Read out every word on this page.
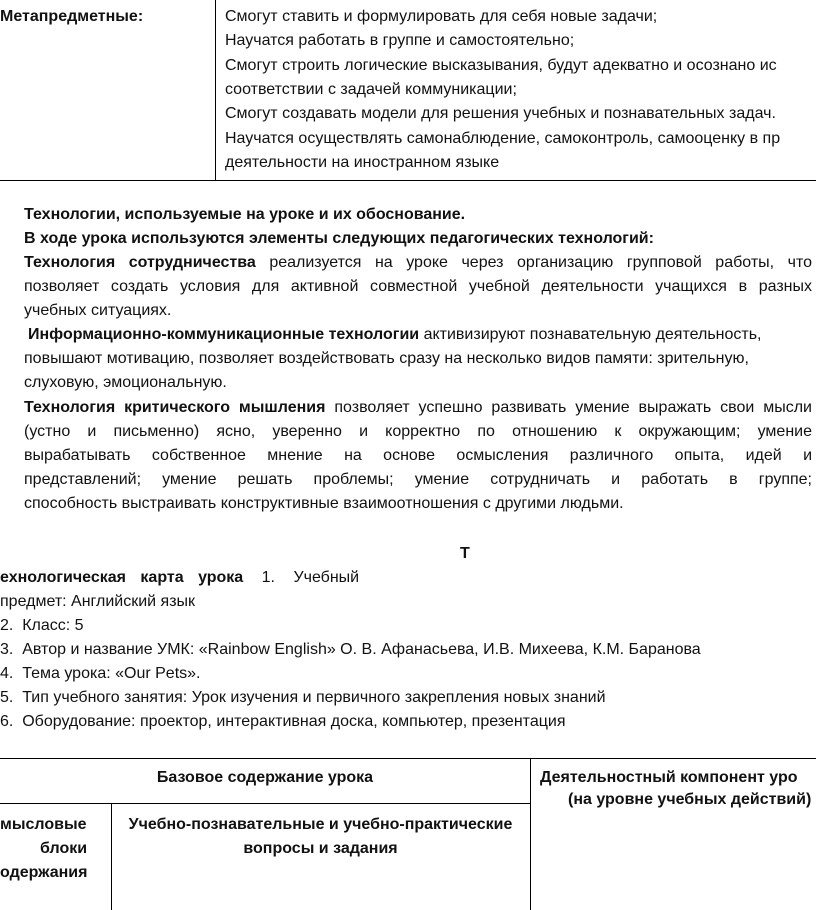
Метапредметные:	Смогут ставить и формулировать для себя новые задачи;
Научатся работать в группе и самостоятельно;
Смогут строить логические высказывания, будут адекватно и осознано ис
соответствии с задачей коммуникации;
Смогут создавать модели для решения учебных и познавательных задач.
Научатся осуществлять самонаблюдение, самоконтроль, самооценку в пр
деятельности на иностранном языке
Технологии, используемые на уроке и их обоснование.
В ходе урока используются элементы следующих педагогических технологий:
Технология сотрудничества реализуется на уроке через организацию групповой работы, что
позволяет создать условия для активной совместной учебной деятельности учащихся в разных
учебных ситуациях.
Информационно-коммуникационные технологии активизируют познавательную деятельность,
повышают мотивацию, позволяет воздействовать сразу на несколько видов памяти: зрительную,
слуховую, эмоциональную.
Технология критического мышления позволяет успешно развивать умение выражать свои мысли
(устно и письменно) ясно, уверенно и корректно по отношению к окружающим; умение
вырабатывать собственное мнение на основе осмысления различного опыта, идей и
представлений; умение решать проблемы; умение сотрудничать и работать в группе;
способность выстраивать конструктивные взаимоотношения с другими людьми.
Т
ехнологическая карта урока 1. Учебный
предмет: Английский язык
2. Класс: 5
3. Автор и название УМК: «Rainbow English» О. В. Афанасьева, И.В. Михеева, К.М. Баранова
4. Тема урока: «Our Pets».
5. Тип учебного занятия: Урок изучения и первичного закрепления новых знаний
6. Оборудование: проектор, интерактивная доска, компьютер, презентация
Базовое содержание урока	Деятельностный компонент уро
(на уровне учебных действий)
мысловые
блоки
одержания
Учебно-познавательные и учебно-практические
вопросы и задания
